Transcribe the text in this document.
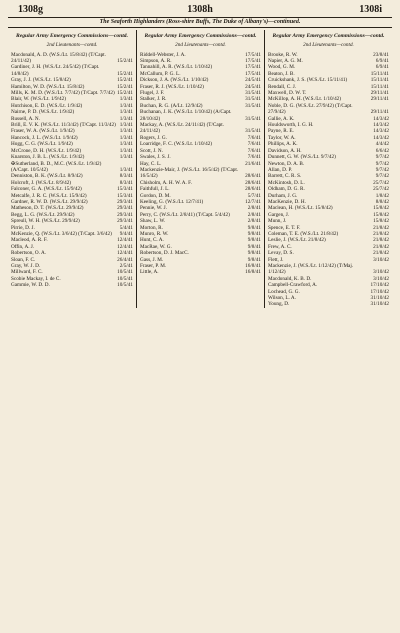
1308g	1308h	1308i
The Seaforth Highlanders (Ross-shire Buffs, The Duke of Albany's)—continued.
Regular Army Emergency Commissions—contd.
2nd Lieutenants—contd.
Macdonald, A. D. (W.S./Lt. 15/8/42) (T/Capt. 24/11/42)	15/2/41
Gardiner, J. H. (W.S./Lt. 24/5/42) (T/Capt. 14/8/42)	15/2/41
Gray, J. J. (W.S./Lt. 15/8/42)	15/2/41
Hamilton, W. D. (W.S./Lt. 15/8/42)	15/2/41
Mills, K. M. D. (W.S./Lt. 7/7/42) (T/Capt. 7/7/42) 15/2/41
Blair, W. (W.S./Lt. 1/9/42)	1/3/41
Hutchison, E. D. (W.S./Lt. 1/9/42)	1/3/41
Nairne, P. D. (W.S./Lt. 1/9/42)	1/3/41
Russell, A. N.	1/3/41
Brill, E. V. K. (W.S./Lt. 11/3/42) (T/Capt. 11/3/42) 1/3/41
Fraser, W. A. (W.S./Lt. 1/9/42)	1/3/41
Hancock, J. L. (W.S./Lt. 1/9/42)	1/3/41
Hogg, C. G. (W.S./Lt. 1/9/42)	1/3/41
McCrone, D. H. (W.S./Lt. 1/9/42)	1/3/41
Knarston, J. B. L. (W.S./Lt. 1/9/42)	1/3/41
✠Sutherland, B. D., M.C. (W.S./Lt. 1/9/42) (A/Capt. 10/5/42)	1/3/41
Denniston, B. K. (W.S./Lt. 8/9/42)	8/3/41
Holcroft, J. (W.S./Lt. 8/9/42)	8/3/41
Falconer, G. A. (W.S./Lt. 15/9/42)	15/3/41
Metcalfe, J. R. C. (W.S./Lt. 15/9/42)	15/3/41
Gardner, R. W. D. (W.S./Lt. 29/9/42)	29/3/41
Matheson, D. T. (W.S./Lt. 29/9/42)	29/3/41
Begg, L. G. (W.S./Lt. 29/9/42)	29/3/41
Spreull, W. H. (W.S./Lt. 29/9/42)	29/3/41
Pirrie, D. J.	5/4/41
McKenzie, Q. (W.S./Lt. 3/6/42) (T/Capt. 3/6/42)	9/4/41
Macleod, A. R. F.	12/4/41
Offin, A. J.	12/4/41
Robertson, O. A.	12/4/41
Sloan, F. C.	26/4/41
Gray, W. J. D.	2/5/41
Millward, F. C.	10/5/41
Scobie Mackay, I. de C.	10/5/41
Gammie, W. D. D.	10/5/41
Regular Army Emergency Commissions—contd.
2nd Lieutenants—contd.
Riddell-Webster, J. A.	17/5/41
Simpson, A. R.	17/5/41
Tannahill, A. R. (W.S./Lt. 1/10/42)	17/5/41
McCallum, P. G. L.	17/5/41
Dickson, J. A. (W.S./Lt. 1/10/42)	24/5/41
Fraser, R. J. (W.S./Lt. 1/10/42)	24/5/41
Flugel, J. F.	31/5/41
Stalker, J. R.	31/5/41
Buchan, R. G. (A/Lt. 12/9/42)	31/5/41
Buchanan, J. K. (W.S./Lt. 1/10/42) (A/Capt. 28/10/42)	31/5/41
Mackay, A. (W.S./Lt. 24/11/42) (T/Capt. 24/11/42)	31/5/41
Rogers, J. G.	7/6/41
Loarridge, F. C. (W.S./Lt. 1/10/42)	7/6/41
Scott, J. N.	7/6/41
Swales, J. S. J.	7/6/41
Hay, C. L.	21/6/41
Mackenzie-Mair, J. (W.S./Lt. 16/5/42) (T/Capt. 16/5/42)	28/6/41
Chisholm, A. H. W. A. F.	28/6/41
Faithfull, J. L.	28/6/41
Gordon, D. M.	5/7/41
Keeling, G. (W.S./Lt. 12/7/41)	12/7/41
Pennie, W. J.	2/8/41
Perry, C. (W.S./Lt. 2/8/41) (T/Capt. 5/4/42)	2/8/41
Shaw, L. W.	2/8/41
Morton, R.	9/8/41
Munro, R. W.	9/8/41
Hunt, C. A.	9/8/41
MacRae, W. G.	9/8/41
Robertson, D. J. MacC.	9/8/41
Gass, J. M.	9/8/41
Fraser, P. M.	16/8/41
Little, A.	16/8/41
Regular Army Emergency Commissions—contd.
2nd Lieutenants—contd.
Brooke, R. W.	23/8/41
Napier, A. G. M.	6/9/41
Wood, G. M.	6/9/41
Beaton, J. B.	15/11/41
Cruickshank, J. S. (W.S./Lt. 15/11/41)	15/11/41
Rendall, C. J.	15/11/41
Maxwell, D. W. T.	29/11/41
McKillop, A. H. (W.S./Lt. 1/10/42)	29/11/41
Noble, D. G. (W.S./Lt. 27/9/42) (T/Capt. 27/9/42)	29/11/41
Gallie, A. K.	14/3/42
Houldsworth, I. G. H.	14/3/42
Payne, R. E.	14/3/42
Taylor, W. A.	14/3/42
Phillips, A. K.	4/4/42
Davidson, A. H.	6/6/42
Dunnett, G. W. (W.S./Lt. 9/7/42)	9/7/42
Newton, D. A. B.	9/7/42
Allan, D. P.	9/7/42
Barrett, C. R. S.	9/7/42
McKintosh, D. L.	25/7/42
Oldham, D. G. R.	25/7/42
Durham, J. G.	1/8/42
MacKenzie, D. H.	8/8/42
Maclean, H. (W.S./Lt. 15/8/42)	15/8/42
Gargen, J.	15/8/42
Munn, J.	15/8/42
Spence, E. T. F.	21/8/42
Coleman, T. E. (W.S./Lt. 21/8/42)	21/8/42
Leslie, J. (W.S./Lt. 21/8/42)	21/8/42
Frew, A. C.	21/8/42
Levay, D. S.	21/8/42
Flett, J.	3/10/42
Mackenzie, J. (W.S./Lt. 1/12/42) (T/Maj. 1/12/42)	3/10/42
Macdonald, K. B. D.	3/10/42
Campbell-Crawford, A.	17/10/42
Lochead, G. G.	17/10/42
Wilson, L. A.	31/10/42
Young, D.	31/10/42
